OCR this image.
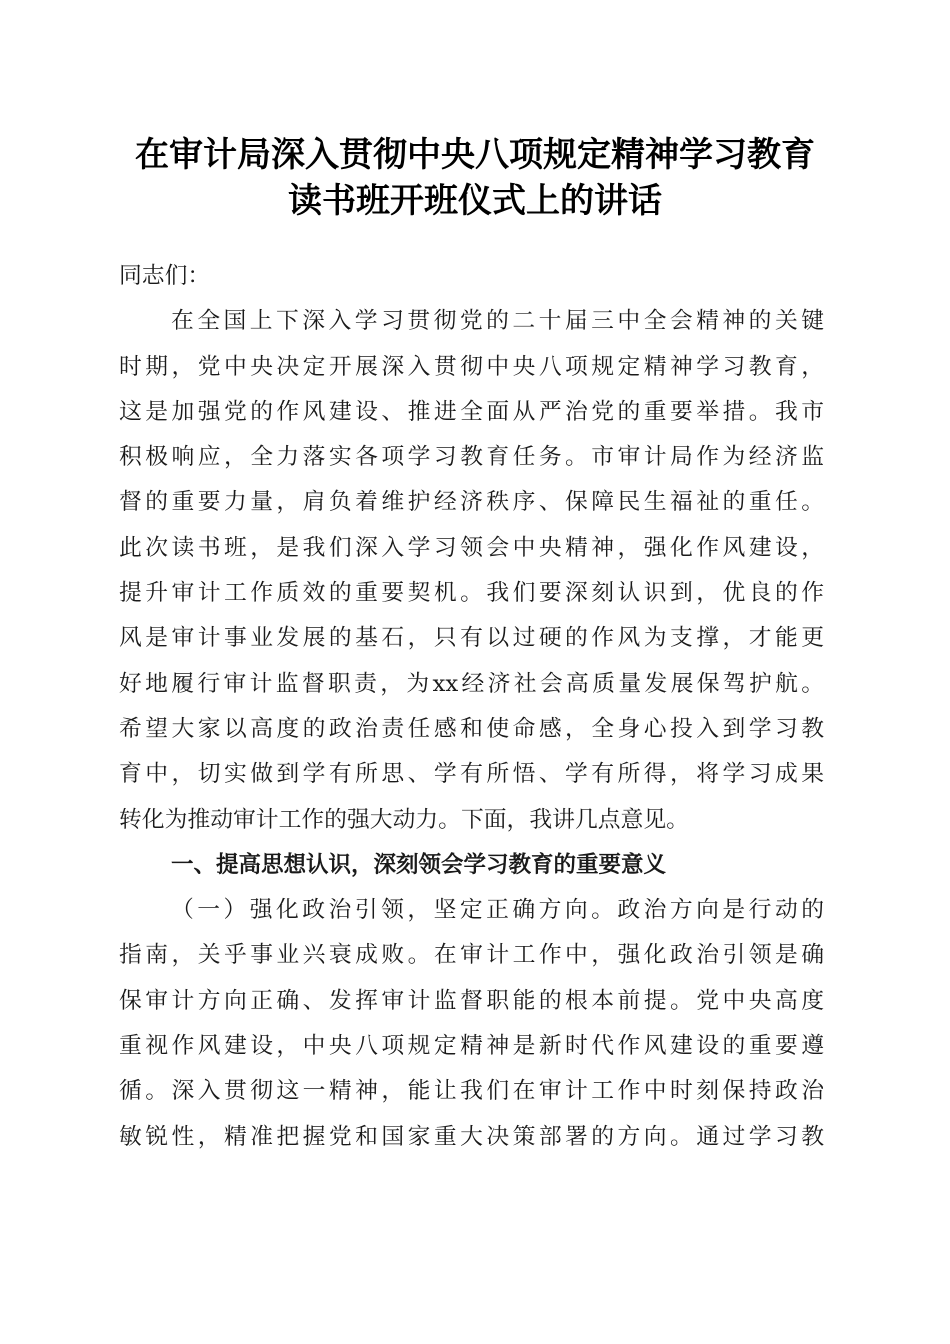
在审计局深入贯彻中央八项规定精神学习教育
读书班开班仪式上的讲话
同志们：
在全国上下深入学习贯彻党的二十届三中全会精神的关键
时期，党中央决定开展深入贯彻中央八项规定精神学习教育，
这是加强党的作风建设、推进全面从严治党的重要举措。我市
积极响应，全力落实各项学习教育任务。市审计局作为经济监
督的重要力量，肩负着维护经济秩序、保障民生福祉的重任。
此次读书班，是我们深入学习领会中央精神，强化作风建设，
提升审计工作质效的重要契机。我们要深刻认识到，优良的作
风是审计事业发展的基石，只有以过硬的作风为支撑，才能更
好地履行审计监督职责，为xx经济社会高质量发展保驾护航。
希望大家以高度的政治责任感和使命感，全身心投入到学习教
育中，切实做到学有所思、学有所悟、学有所得，将学习成果
转化为推动审计工作的强大动力。下面，我讲几点意见。
一、提高思想认识，深刻领会学习教育的重要意义
（一）强化政治引领，坚定正确方向。政治方向是行动的
指南，关乎事业兴衰成败。在审计工作中，强化政治引领是确
保审计方向正确、发挥审计监督职能的根本前提。党中央高度
重视作风建设，中央八项规定精神是新时代作风建设的重要遵
循。深入贯彻这一精神，能让我们在审计工作中时刻保持政治
敏锐性，精准把握党和国家重大决策部署的方向。通过学习教
